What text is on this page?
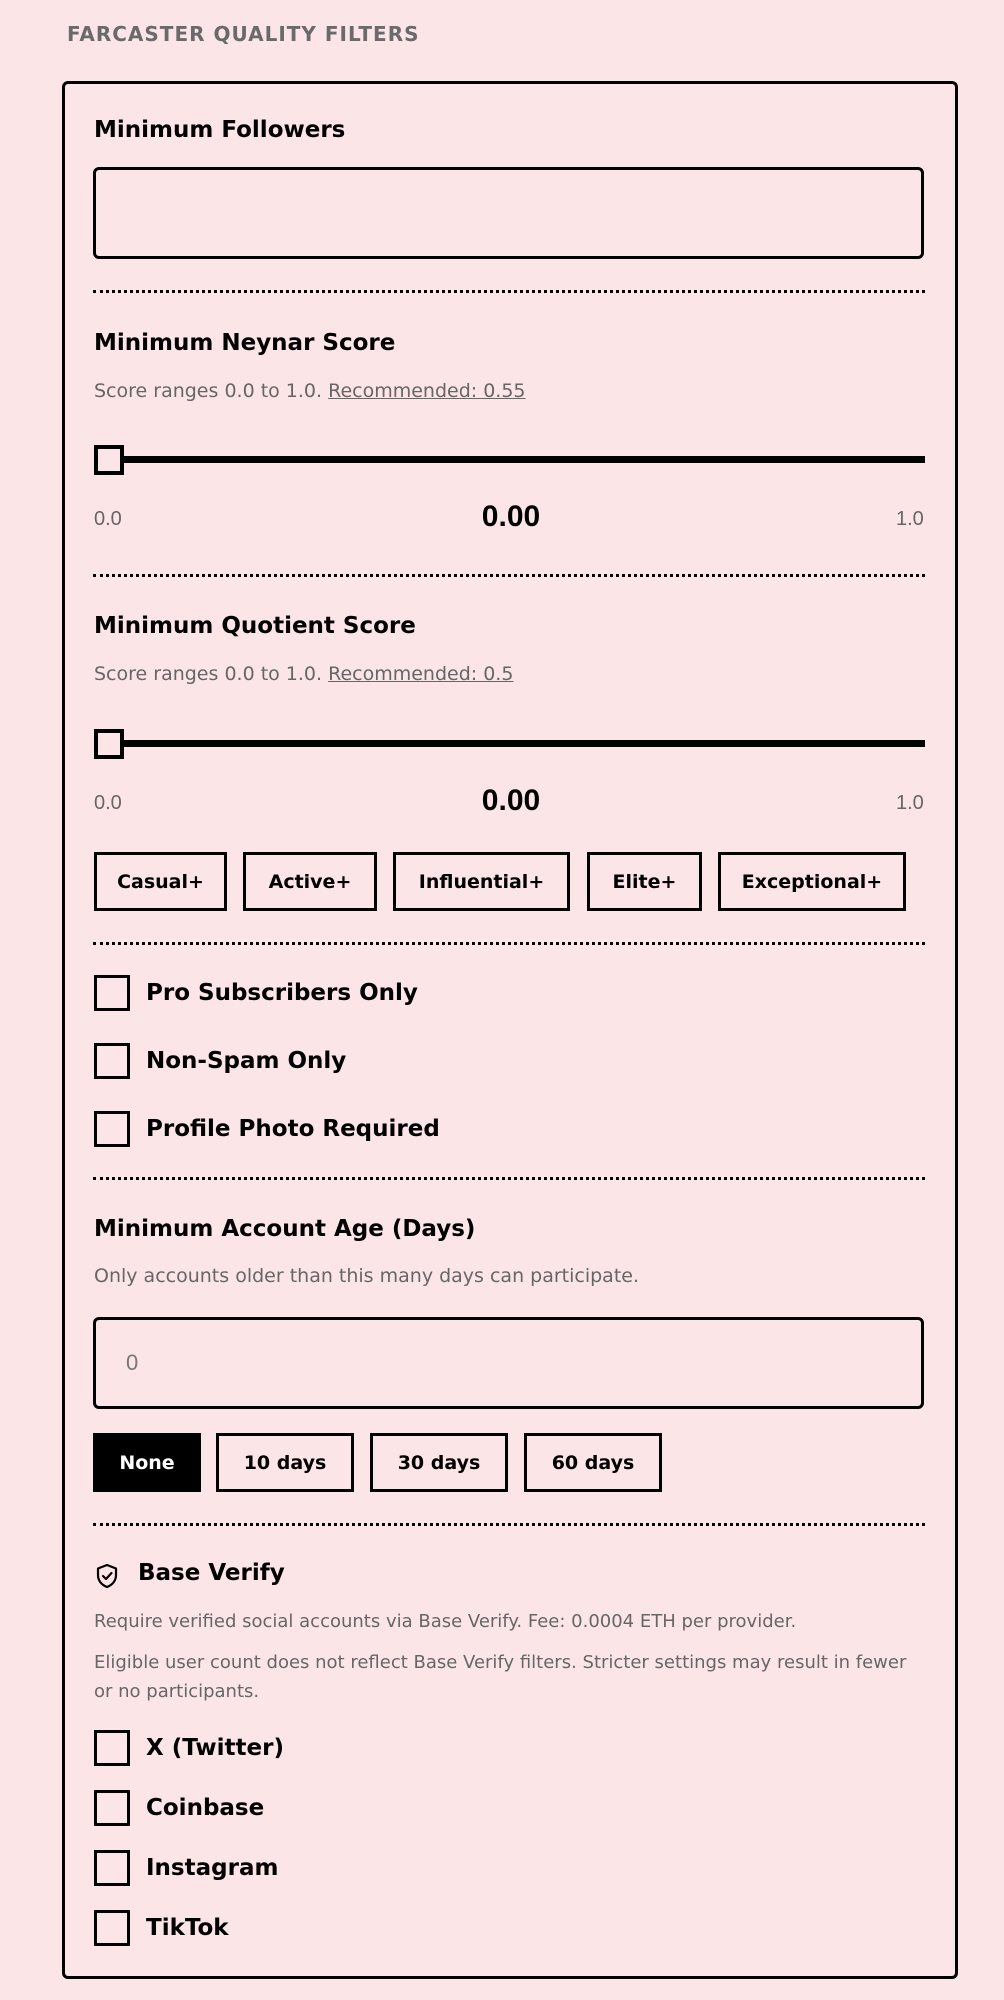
FARCASTER QUALITY FILTERS
Minimum Followers
Minimum Neynar Score
Score ranges 0.0 to 1.0. Recommended: 0.55
0.0	0.00	1.0
Minimum Quotient Score
Score ranges 0.0 to 1.0. Recommended: 0.5
0.0	0.00	1.0
Casual+	Active+	Influential+	Elite+	Exceptional+
Pro Subscribers Only
Non-Spam Only
Profile Photo Required
Minimum Account Age (Days)
Only accounts older than this many days can participate.
0
None	10 days	30 days	60 days
Base Verify
Require verified social accounts via Base Verify. Fee: 0.0004 ETH per provider.
Eligible user count does not reflect Base Verify filters. Stricter settings may result in fewer or no participants.
X (Twitter)
Coinbase
Instagram
TikTok
